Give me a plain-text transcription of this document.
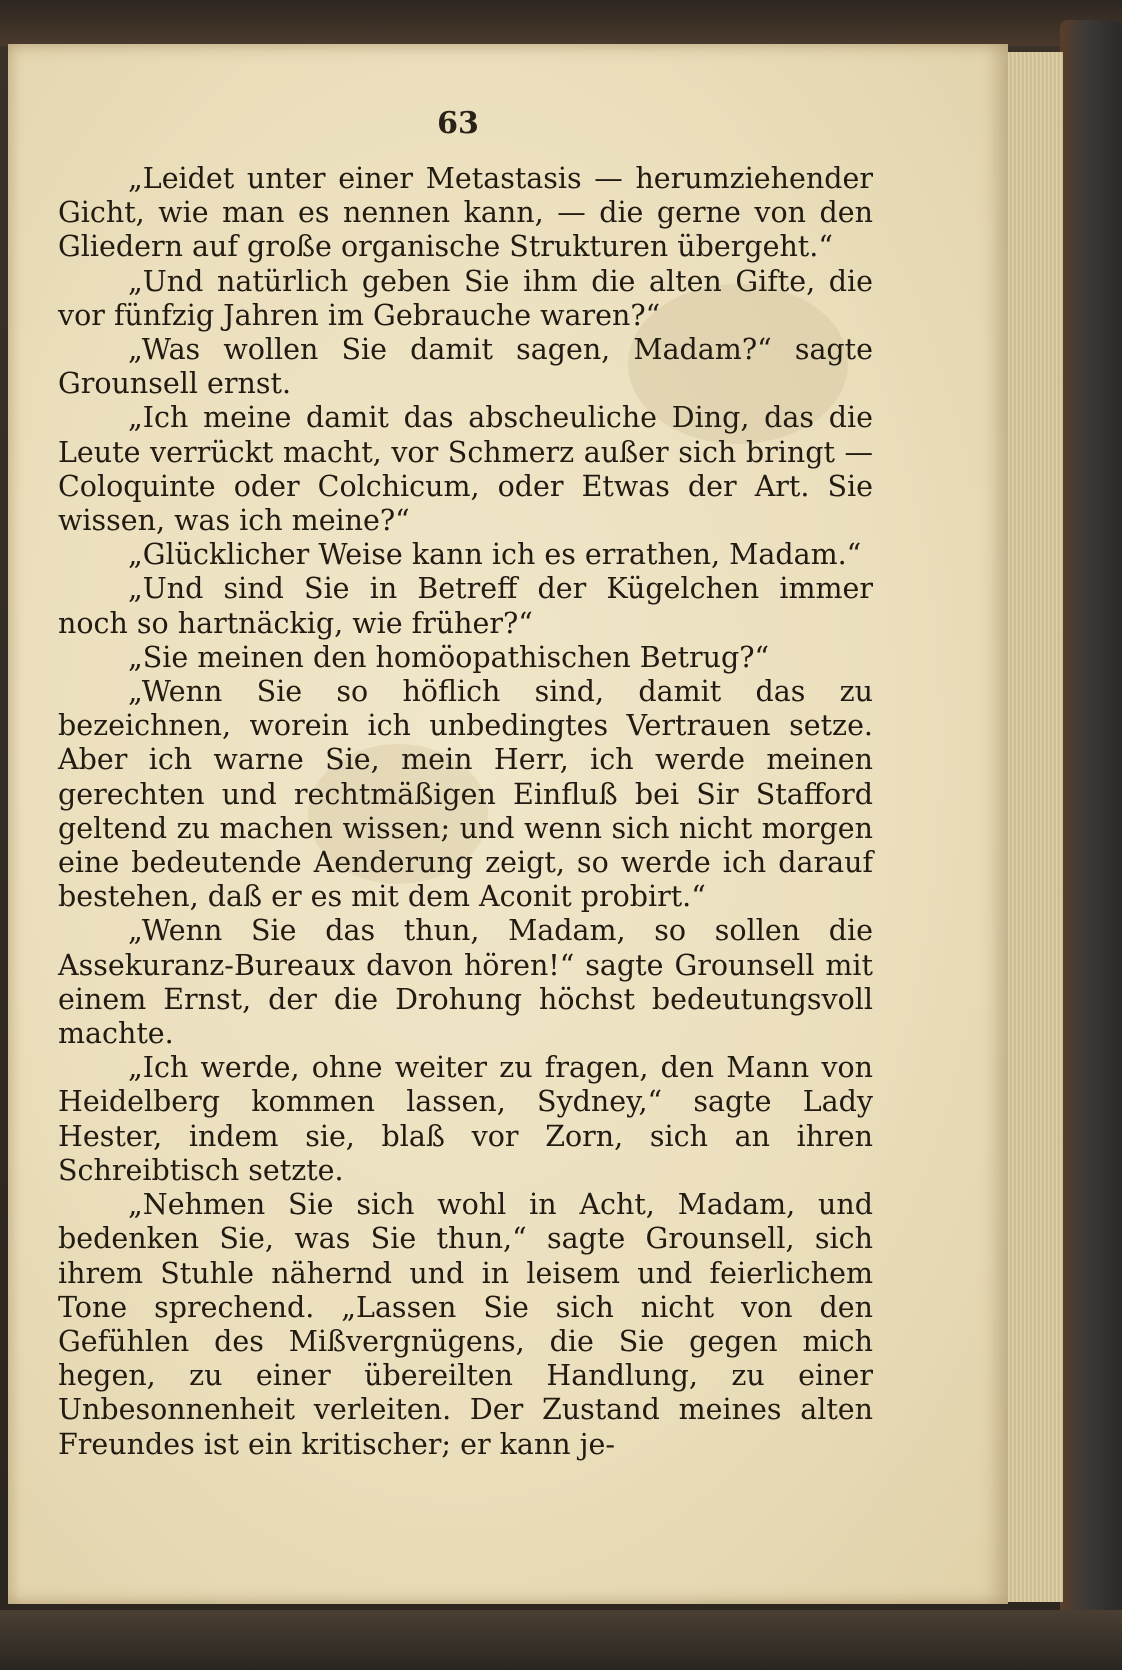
63

„Leidet unter einer Metastasis — herumziehender Gicht, wie man es nennen kann, — die gerne von den Gliedern auf große organische Strukturen übergeht.“

„Und natürlich geben Sie ihm die alten Gifte, die vor fünfzig Jahren im Gebrauche waren?“

„Was wollen Sie damit sagen, Madam?“ sagte Grounsell ernst.

„Ich meine damit das abscheuliche Ding, das die Leute verrückt macht, vor Schmerz außer sich bringt — Coloquinte oder Colchicum, oder Etwas der Art. Sie wissen, was ich meine?“

„Glücklicher Weise kann ich es errathen, Madam.“

„Und sind Sie in Betreff der Kügelchen immer noch so hartnäckig, wie früher?“

„Sie meinen den homöopathischen Betrug?“

„Wenn Sie so höflich sind, damit das zu bezeichnen, worein ich unbedingtes Vertrauen setze. Aber ich warne Sie, mein Herr, ich werde meinen gerechten und rechtmäßigen Einfluß bei Sir Stafford geltend zu machen wissen; und wenn sich nicht morgen eine bedeutende Aenderung zeigt, so werde ich darauf bestehen, daß er es mit dem Aconit probirt.“

„Wenn Sie das thun, Madam, so sollen die Assekuranz-Bureaux davon hören!“ sagte Grounsell mit einem Ernst, der die Drohung höchst bedeutungsvoll machte.

„Ich werde, ohne weiter zu fragen, den Mann von Heidelberg kommen lassen, Sydney,“ sagte Lady Hester, indem sie, blaß vor Zorn, sich an ihren Schreibtisch setzte.

„Nehmen Sie sich wohl in Acht, Madam, und bedenken Sie, was Sie thun,“ sagte Grounsell, sich ihrem Stuhle nähernd und in leisem und feierlichem Tone sprechend. „Lassen Sie sich nicht von den Gefühlen des Mißvergnügens, die Sie gegen mich hegen, zu einer übereilten Handlung, zu einer Unbesonnenheit verleiten. Der Zustand meines alten Freundes ist ein kritischer; er kann je-
